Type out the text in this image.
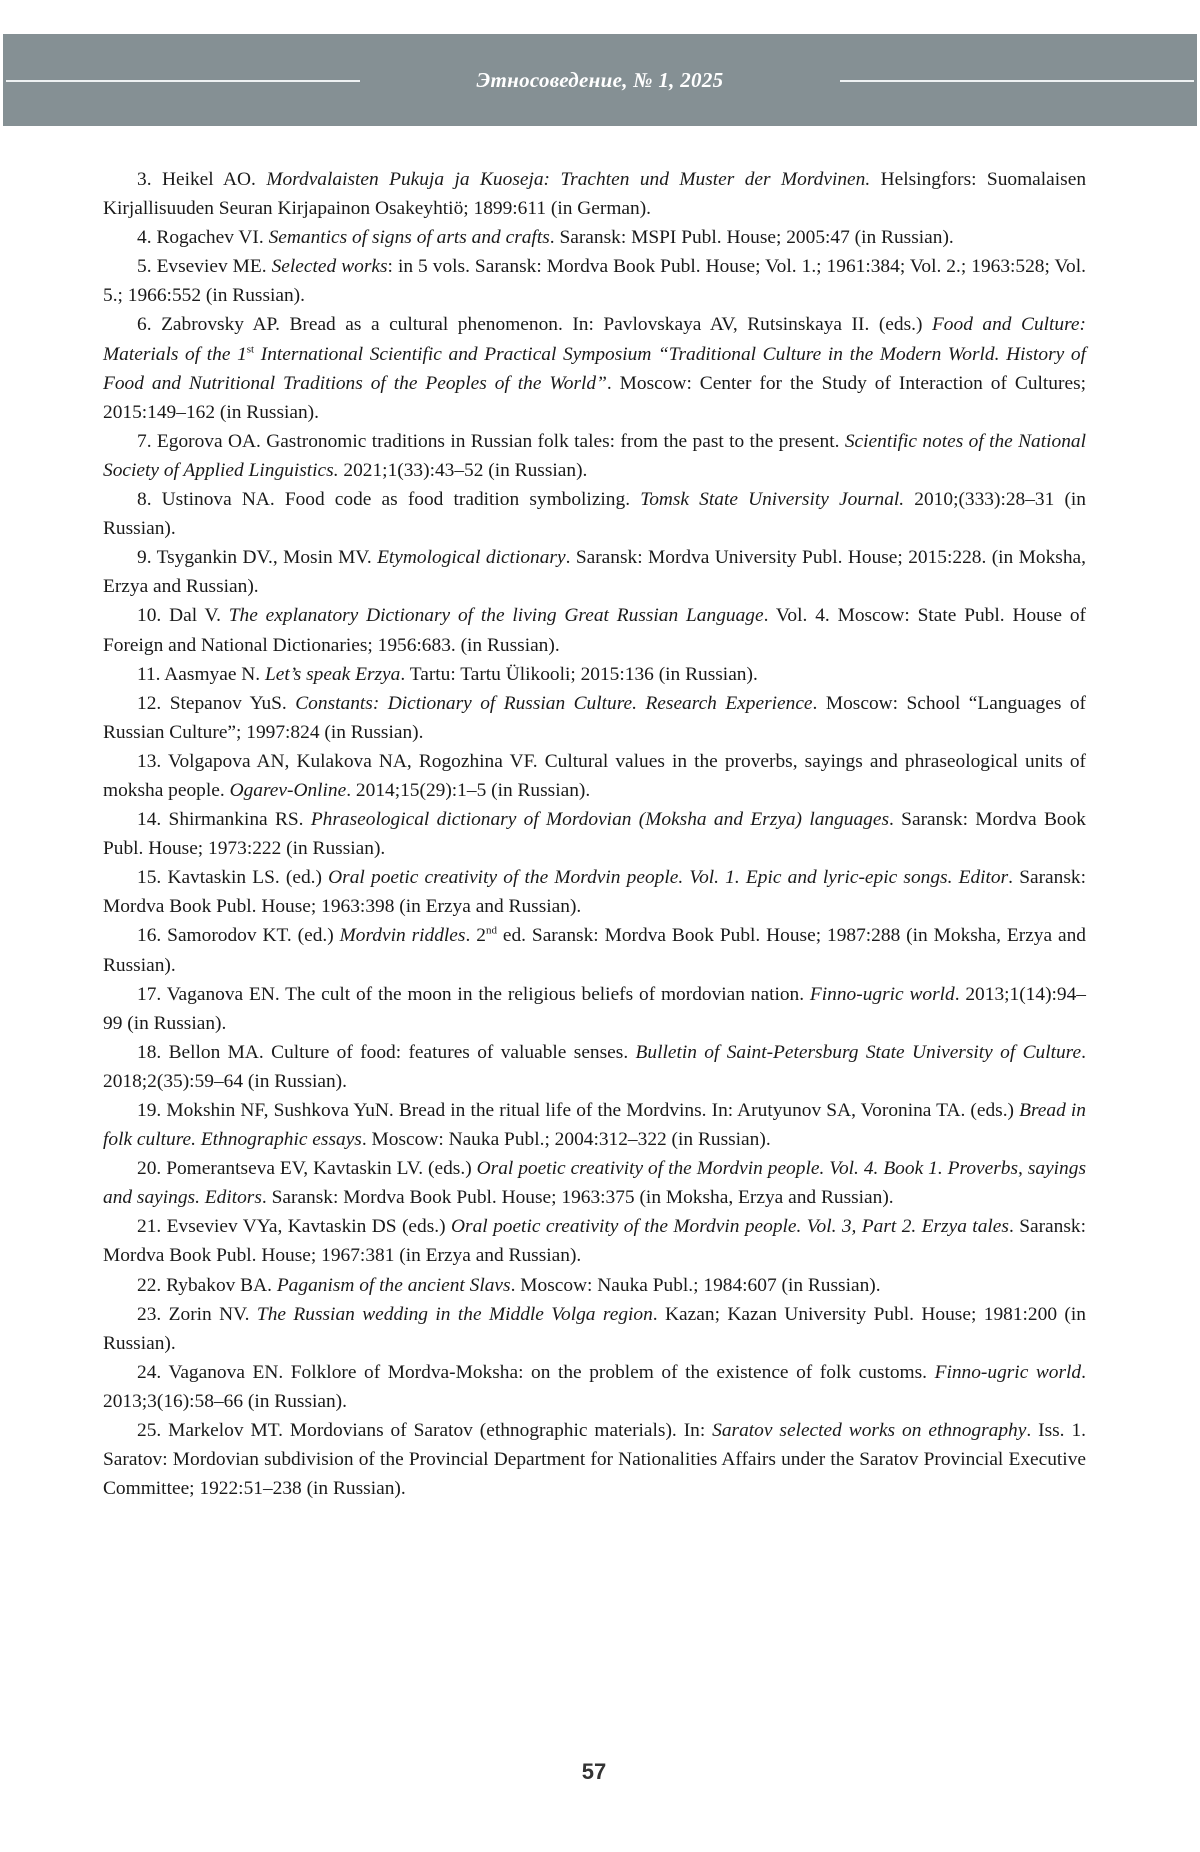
Этносоведение, № 1, 2025

3. Heikel AO. Mordvalaisten Pukuja ja Kuoseja: Trachten und Muster der Mordvinen. Helsingfors: Suomalaisen Kirjallisuuden Seuran Kirjapainon Osakeyhtiö; 1899:611 (in German).

4. Rogachev VI. Semantics of signs of arts and crafts. Saransk: MSPI Publ. House; 2005:47 (in Russian).

5. Evseviev ME. Selected works: in 5 vols. Saransk: Mordva Book Publ. House; Vol. 1.; 1961:384; Vol. 2.; 1963:528; Vol. 5.; 1966:552 (in Russian).

6. Zabrovsky AP. Bread as a cultural phenomenon. In: Pavlovskaya AV, Rutsinskaya II. (eds.) Food and Culture: Materials of the 1st International Scientific and Practical Symposium “Traditional Culture in the Modern World. History of Food and Nutritional Traditions of the Peoples of the World”. Moscow: Center for the Study of Interaction of Cultures; 2015:149–162 (in Russian).

7. Egorova OA. Gastronomic traditions in Russian folk tales: from the past to the present. Scientific notes of the National Society of Applied Linguistics. 2021;1(33):43–52 (in Russian).

8. Ustinova NA. Food code as food tradition symbolizing. Tomsk State University Journal. 2010;(333):28–31 (in Russian).

9. Tsygankin DV., Mosin MV. Etymological dictionary. Saransk: Mordva University Publ. House; 2015:228. (in Moksha, Erzya and Russian).

10. Dal V. The explanatory Dictionary of the living Great Russian Language. Vol. 4. Moscow: State Publ. House of Foreign and National Dictionaries; 1956:683. (in Russian).

11. Aasmyae N. Let’s speak Erzya. Tartu: Tartu Ülikooli; 2015:136 (in Russian).

12. Stepanov YuS. Constants: Dictionary of Russian Culture. Research Experience. Moscow: School “Languages of Russian Culture”; 1997:824 (in Russian).

13. Volgapova AN, Kulakova NA, Rogozhina VF. Cultural values in the proverbs, sayings and phraseological units of moksha people. Ogarev-Online. 2014;15(29):1–5 (in Russian).

14. Shirmankina RS. Phraseological dictionary of Mordovian (Moksha and Erzya) languages. Saransk: Mordva Book Publ. House; 1973:222 (in Russian).

15. Kavtaskin LS. (ed.) Oral poetic creativity of the Mordvin people. Vol. 1. Epic and lyric-epic songs. Editor. Saransk: Mordva Book Publ. House; 1963:398 (in Erzya and Russian).

16. Samorodov KT. (ed.) Mordvin riddles. 2nd ed. Saransk: Mordva Book Publ. House; 1987:288 (in Moksha, Erzya and Russian).

17. Vaganova EN. The cult of the moon in the religious beliefs of mordovian nation. Finno-ugric world. 2013;1(14):94–99 (in Russian).

18. Bellon MA. Culture of food: features of valuable senses. Bulletin of Saint-Petersburg State University of Culture. 2018;2(35):59–64 (in Russian).

19. Mokshin NF, Sushkova YuN. Bread in the ritual life of the Mordvins. In: Arutyunov SA, Voronina TA. (eds.) Bread in folk culture. Ethnographic essays. Moscow: Nauka Publ.; 2004:312–322 (in Russian).

20. Pomerantseva EV, Kavtaskin LV. (eds.) Oral poetic creativity of the Mordvin people. Vol. 4. Book 1. Proverbs, sayings and sayings. Editors. Saransk: Mordva Book Publ. House; 1963:375 (in Moksha, Erzya and Russian).

21. Evseviev VYa, Kavtaskin DS (eds.) Oral poetic creativity of the Mordvin people. Vol. 3, Part 2. Erzya tales. Saransk: Mordva Book Publ. House; 1967:381 (in Erzya and Russian).

22. Rybakov BA. Paganism of the ancient Slavs. Moscow: Nauka Publ.; 1984:607 (in Russian).

23. Zorin NV. The Russian wedding in the Middle Volga region. Kazan; Kazan University Publ. House; 1981:200 (in Russian).

24. Vaganova EN. Folklore of Mordva-Moksha: on the problem of the existence of folk customs. Finno-ugric world. 2013;3(16):58–66 (in Russian).

25. Markelov MT. Mordovians of Saratov (ethnographic materials). In: Saratov selected works on ethnography. Iss. 1. Saratov: Mordovian subdivision of the Provincial Department for Nationalities Affairs under the Saratov Provincial Executive Committee; 1922:51–238 (in Russian).

57
